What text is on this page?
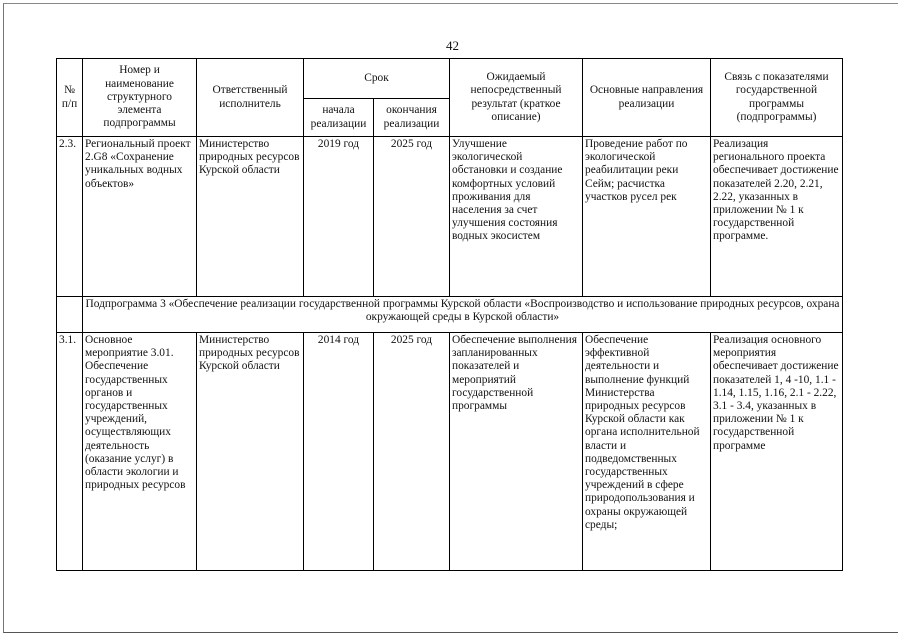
42
№ п/п	Номер и наименование структурного элемента подпрограммы	Ответственный исполнитель	Срок		Ожидаемый непосредственный результат (краткое описание)	Основные направления реализации	Связь с показателями государственной программы (подпрограммы)
			начала реализации	окончания реализации			
2.3.	Региональный проект 2.G8 «Сохранение уникальных водных объектов»	Министерство природных ресурсов Курской области	2019 год	2025 год	Улучшение экологической обстановки и создание комфортных условий проживания для населения за счет улучшения состояния водных экосистем	Проведение работ по экологической реабилитации реки Сейм; расчистка участков русел рек	Реализация регионального проекта обеспечивает достижение показателей 2.20, 2.21, 2.22, указанных в приложении № 1 к государственной программе.
	Подпрограмма 3 «Обеспечение реализации государственной программы Курской области «Воспроизводство и использование природных ресурсов, охрана окружающей среды в Курской области»						
3.1.	Основное мероприятие 3.01. Обеспечение государственных органов и государственных учреждений, осуществляющих деятельность (оказание услуг) в области экологии и природных ресурсов	Министерство природных ресурсов Курской области	2014 год	2025 год	Обеспечение выполнения запланированных показателей и мероприятий государственной программы	Обеспечение эффективной деятельности и выполнение функций Министерства природных ресурсов Курской области как органа исполнительной власти и подведомственных государственных учреждений в сфере природопользования и охраны окружающей среды;	Реализация основного мероприятия обеспечивает достижение показателей 1, 4 -10, 1.1 - 1.14, 1.15, 1.16, 2.1 - 2.22, 3.1 - 3.4, указанных в приложении № 1 к государственной программе
